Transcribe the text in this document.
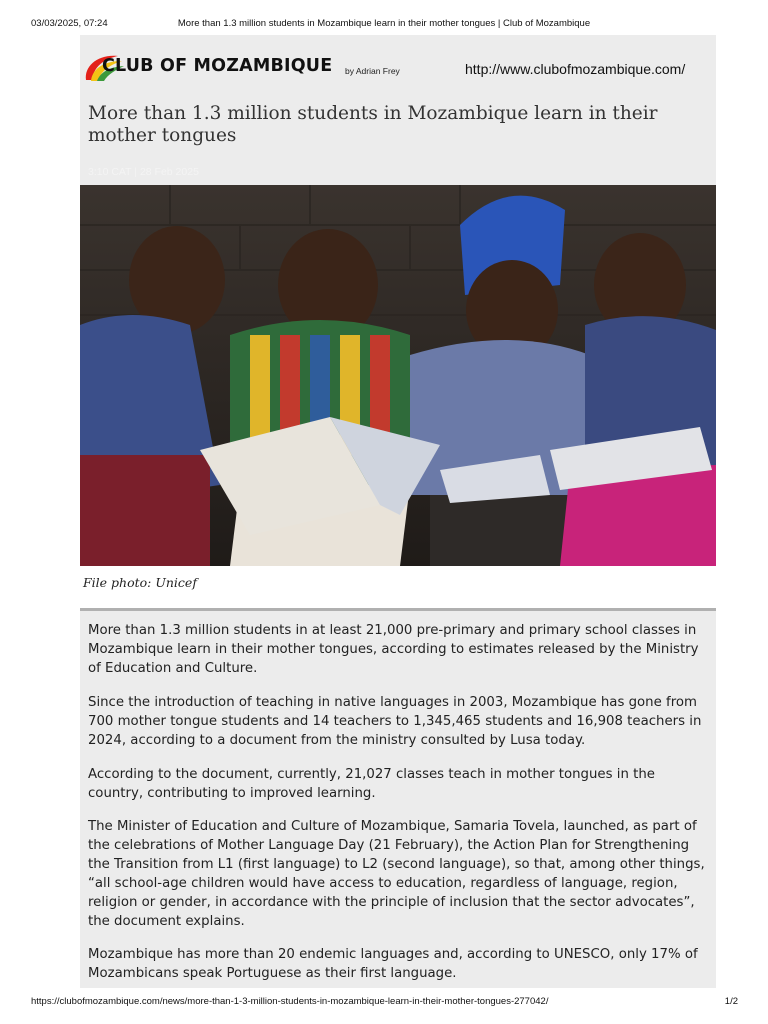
03/03/2025, 07:24	More than 1.3 million students in Mozambique learn in their mother tongues | Club of Mozambique
CLUB OF MOZAMBIQUE by Adrian Frey	http://www.clubofmozambique.com/
More than 1.3 million students in Mozambique learn in their mother tongues
3:10 CAT | 28 Feb 2025
File photo: Unicef

More than 1.3 million students in at least 21,000 pre-primary and primary school classes in Mozambique learn in their mother tongues, according to estimates released by the Ministry of Education and Culture.

Since the introduction of teaching in native languages in 2003, Mozambique has gone from 700 mother tongue students and 14 teachers to 1,345,465 students and 16,908 teachers in 2024, according to a document from the ministry consulted by Lusa today.

According to the document, currently, 21,027 classes teach in mother tongues in the country, contributing to improved learning.

The Minister of Education and Culture of Mozambique, Samaria Tovela, launched, as part of the celebrations of Mother Language Day (21 February), the Action Plan for Strengthening the Transition from L1 (first language) to L2 (second language), so that, among other things, “all school-age children would have access to education, regardless of language, region, religion or gender, in accordance with the principle of inclusion that the sector advocates”, the document explains.

Mozambique has more than 20 endemic languages and, according to UNESCO, only 17% of Mozambicans speak Portuguese as their first language.

https://clubofmozambique.com/news/more-than-1-3-million-students-in-mozambique-learn-in-their-mother-tongues-277042/	1/2
